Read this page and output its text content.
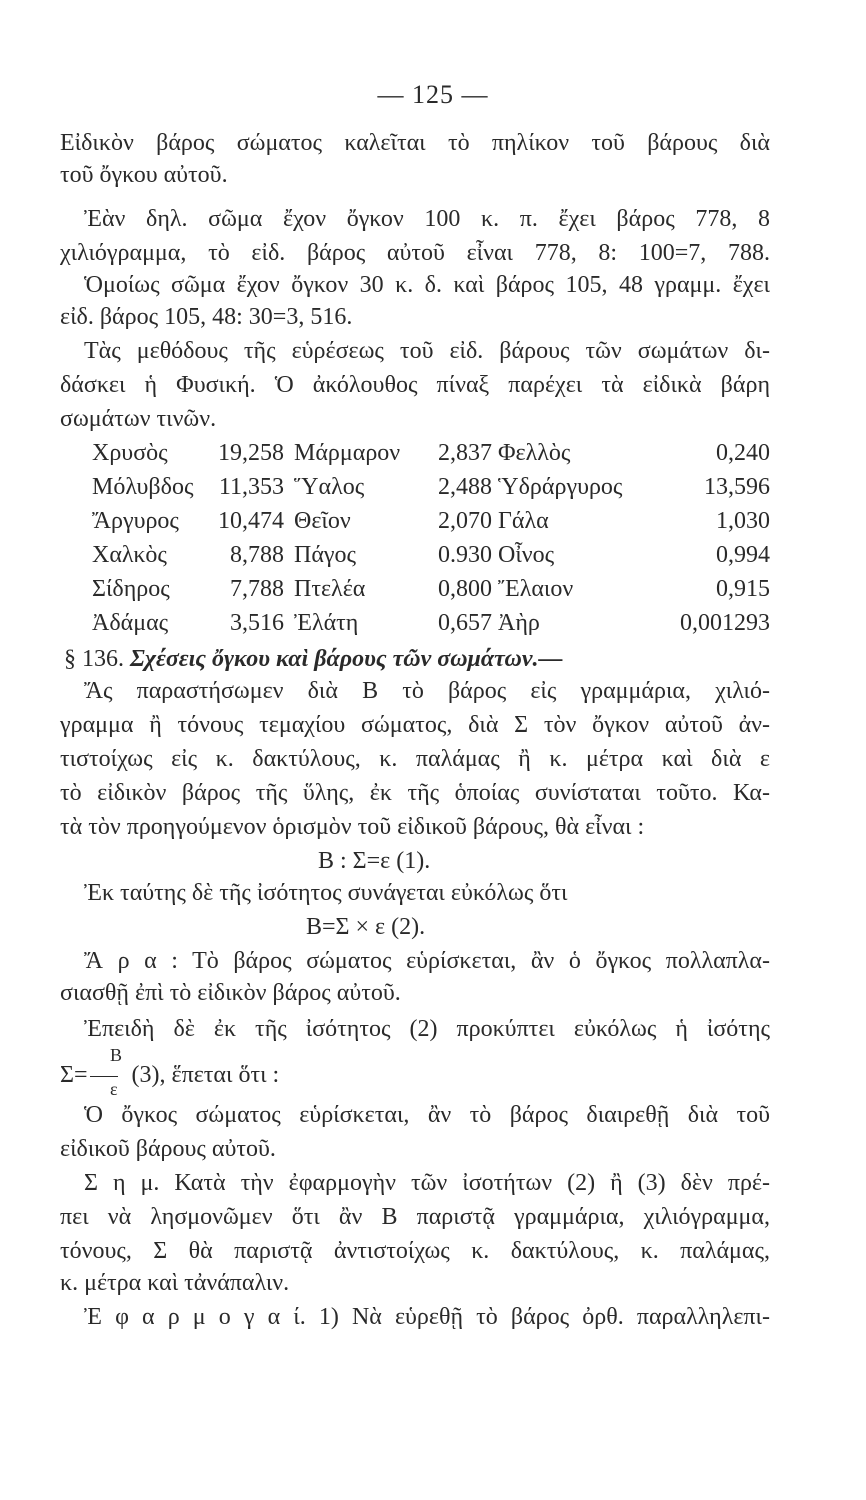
— 125 —
Εἰδικὸν βάρος σώματος καλεῖται τὸ πηλίκον τοῦ βάρους διὰ
τοῦ ὄγκου αὐτοῦ.
Ἐὰν δηλ. σῶμα ἔχον ὄγκον 100 κ. π. ἔχει βάρος 778, 8
χιλιόγραμμα, τὸ εἰδ. βάρος αὐτοῦ εἶναι 778, 8: 100=7, 788.
Ὁμοίως σῶμα ἔχον ὄγκον 30 κ. δ. καὶ βάρος 105, 48 γραμμ. ἔχει
εἰδ. βάρος 105, 48: 30=3, 516.
Τὰς μεθόδους τῆς εὑρέσεως τοῦ εἰδ. βάρους τῶν σωμάτων δι-
δάσκει ἡ Φυσική. Ὁ ἀκόλουθος πίναξ παρέχει τὰ εἰδικὰ βάρη
σωμάτων τινῶν.
Χρυσὸς	19,258 Μάρμαρον	2,837 Φελλὸς	0,240
Μόλυβδος	11,353 Ὕαλος	2,488 Ὑδράργυρος	13,596
Ἄργυρος	10,474 Θεῖον	2,070 Γάλα	1,030
Χαλκὸς	8,788 Πάγος	0.930 Οἶνος	0,994
Σίδηρος	7,788 Πτελέα	0,800 Ἔλαιον	0,915
Ἀδάμας	3,516 Ἐλάτη	0,657 Ἀὴρ	0,001293
§ 136. Σχέσεις ὄγκου καὶ βάρους τῶν σωμάτων.—
Ἄς παραστήσωμεν διὰ Β τὸ βάρος εἰς γραμμάρια, χιλιό-
γραμμα ἢ τόνους τεμαχίου σώματος, διὰ Σ τὸν ὄγκον αὐτοῦ ἀν-
τιστοίχως εἰς κ. δακτύλους, κ. παλάμας ἢ κ. μέτρα καὶ διὰ ε
τὸ εἰδικὸν βάρος τῆς ὕλης, ἐκ τῆς ὁποίας συνίσταται τοῦτο. Κα-
τὰ τὸν προηγούμενον ὁρισμὸν τοῦ εἰδικοῦ βάρους, θὰ εἶναι :
Β : Σ=ε (1).
Ἐκ ταύτης δὲ τῆς ἰσότητος συνάγεται εὐκόλως ὅτι
Β=Σ × ε (2).
Ἄ ρ α : Τὸ βάρος σώματος εὑρίσκεται, ἂν ὁ ὄγκος πολλαπλα-
σιασθῇ ἐπὶ τὸ εἰδικὸν βάρος αὐτοῦ.
Ἐπειδὴ δὲ ἐκ τῆς ἰσότητος (2) προκύπτει εὐκόλως ἡ ἰσότης
Σ=
Β
ε
(3), ἕπεται ὅτι :
Ὁ ὄγκος σώματος εὑρίσκεται, ἂν τὸ βάρος διαιρεθῇ διὰ τοῦ
εἰδικοῦ βάρους αὐτοῦ.
Σ η μ. Κατὰ τὴν ἐφαρμογὴν τῶν ἰσοτήτων (2) ἢ (3) δὲν πρέ-
πει νὰ λησμονῶμεν ὅτι ἂν Β παριστᾷ γραμμάρια, χιλιόγραμμα,
τόνους, Σ θὰ παριστᾷ ἀντιστοίχως κ. δακτύλους, κ. παλάμας,
κ. μέτρα καὶ τἀνάπαλιν.
Ἐ φ α ρ μ ο γ α ί. 1) Νὰ εὑρεθῇ τὸ βάρος ὀρθ. παραλληλεπι-
